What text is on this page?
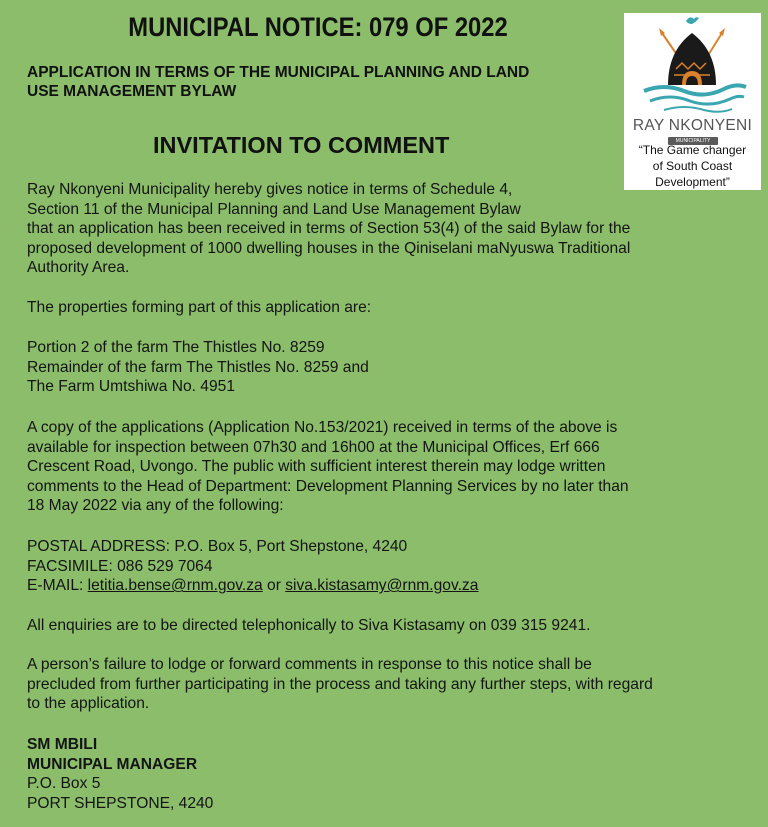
MUNICIPAL NOTICE: 079 OF 2022
APPLICATION IN TERMS OF THE MUNICIPAL PLANNING AND LAND
USE MANAGEMENT BYLAW
INVITATION TO COMMENT
RAY NKONYENI
MUNICIPALITY
“The Game changer
of South Coast
Development”
Ray Nkonyeni Municipality hereby gives notice in terms of Schedule 4,
Section 11 of the Municipal Planning and Land Use Management Bylaw
that an application has been received in terms of Section 53(4) of the said Bylaw for the
proposed development of 1000 dwelling houses in the Qiniselani maNyuswa Traditional
Authority Area.
The properties forming part of this application are:
Portion 2 of the farm The Thistles No. 8259
Remainder of the farm The Thistles No. 8259 and
The Farm Umtshiwa No. 4951
A copy of the applications (Application No.153/2021) received in terms of the above is
available for inspection between 07h30 and 16h00 at the Municipal Offices, Erf 666
Crescent Road, Uvongo. The public with sufficient interest therein may lodge written
comments to the Head of Department: Development Planning Services by no later than
18 May 2022 via any of the following:
POSTAL ADDRESS: P.O. Box 5, Port Shepstone, 4240
FACSIMILE: 086 529 7064
E-MAIL: letitia.bense@rnm.gov.za or siva.kistasamy@rnm.gov.za
All enquiries are to be directed telephonically to Siva Kistasamy on 039 315 9241.
A person’s failure to lodge or forward comments in response to this notice shall be
precluded from further participating in the process and taking any further steps, with regard
to the application.
SM MBILI
MUNICIPAL MANAGER
P.O. Box 5
PORT SHEPSTONE, 4240
